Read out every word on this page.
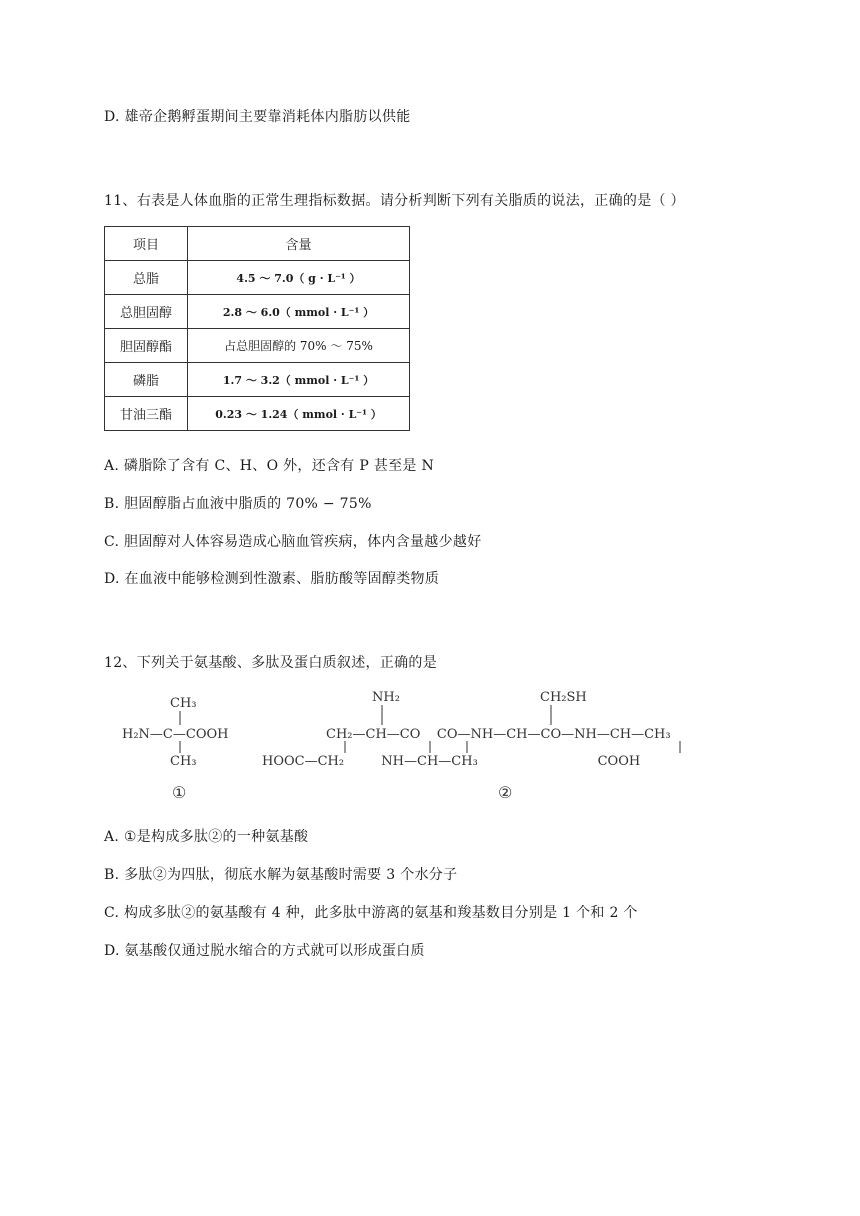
D. 雄帝企鹅孵蛋期间主要靠消耗体内脂肪以供能
11、右表是人体血脂的正常生理指标数据。请分析判断下列有关脂质的说法，正确的是（ ）
项目	含量
总脂	4.5 ～ 7.0（ g · L⁻¹ ）
总胆固醇	2.8 ～ 6.0（ mmol · L⁻¹ ）
胆固醇酯	占总胆固醇的 70% ～ 75%
磷脂	1.7 ～ 3.2（ mmol · L⁻¹ ）
甘油三酯	0.23 ～ 1.24（ mmol · L⁻¹ ）
A. 磷脂除了含有 C、H、O 外，还含有 P 甚至是 N
B. 胆固醇脂占血液中脂质的 70% − 75%
C. 胆固醇对人体容易造成心脑血管疾病，体内含量越少越好
D. 在血液中能够检测到性激素、脂肪酸等固醇类物质
12、下列关于氨基酸、多肽及蛋白质叙述，正确的是
CH₃
H₂N—C—COOH
CH₃
①
NH₂	CH₂SH
CH₂—CH—CO    CO—NH—CH—CO—NH—CH—CH₃
HOOC—CH₂         NH—CH—CH₃                             COOH
②
A. ①是构成多肽②的一种氨基酸
B. 多肽②为四肽，彻底水解为氨基酸时需要 3 个水分子
C. 构成多肽②的氨基酸有 4 种，此多肽中游离的氨基和羧基数目分别是 1 个和 2 个
D. 氨基酸仅通过脱水缩合的方式就可以形成蛋白质
